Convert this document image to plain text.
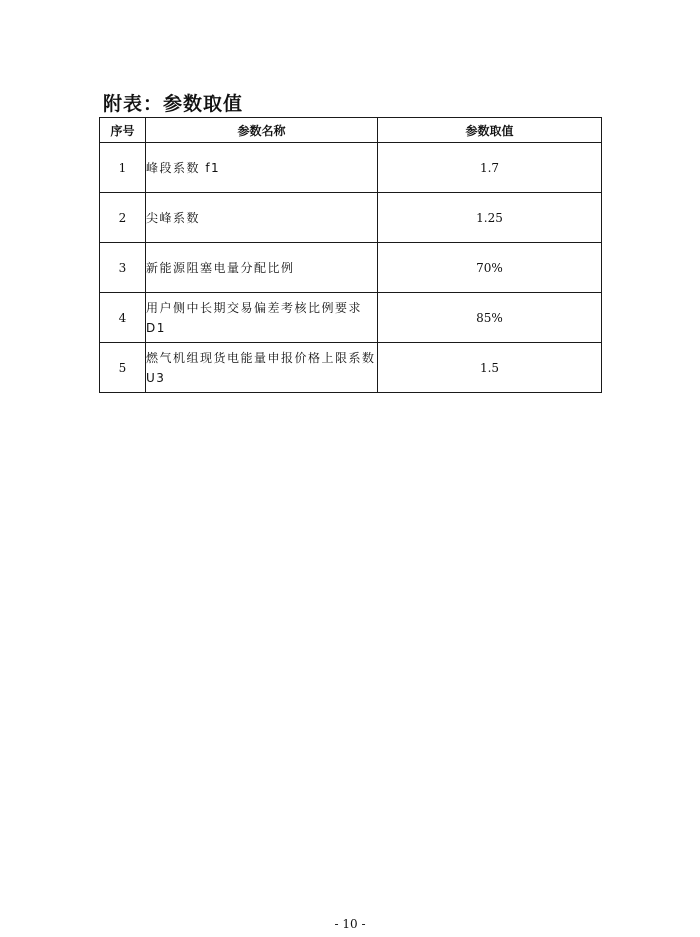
附表：参数取值
序号	参数名称	参数取值
1	峰段系数 f1	1.7
2	尖峰系数	1.25
3	新能源阻塞电量分配比例	70%
4	用户侧中长期交易偏差考核比例要求 D1	85%
5	燃气机组现货电能量申报价格上限系数 U3	1.5
- 10 -
